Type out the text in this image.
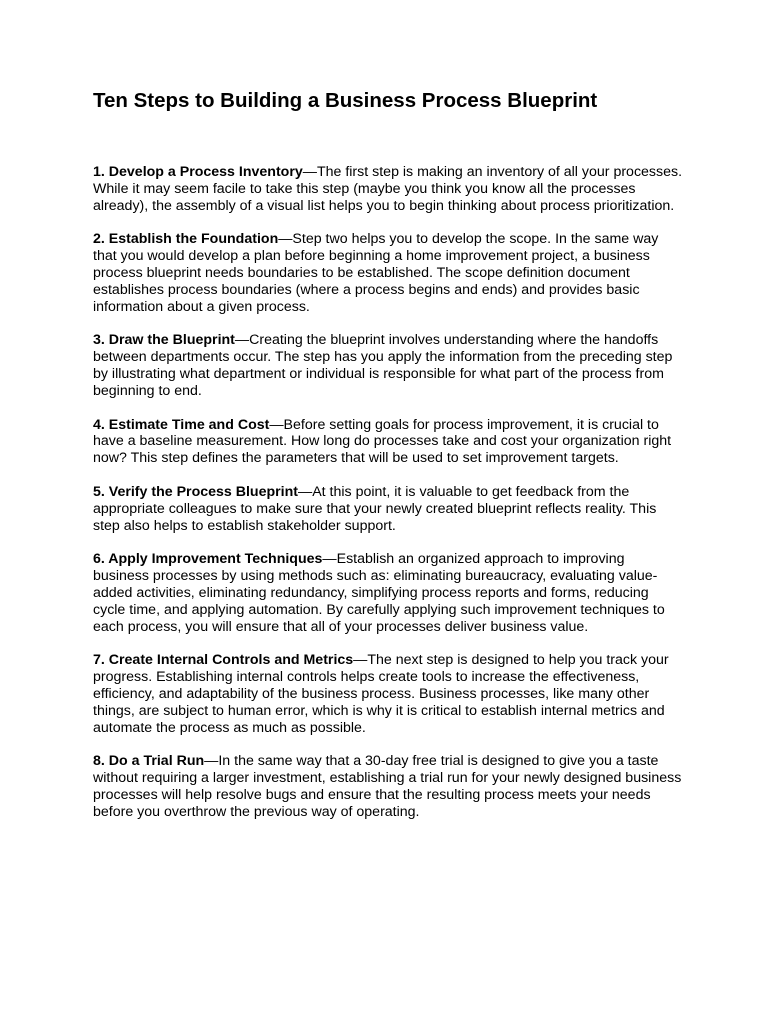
Ten Steps to Building a Business Process Blueprint
1. Develop a Process Inventory—The first step is making an inventory of all your processes. While it may seem facile to take this step (maybe you think you know all the processes already), the assembly of a visual list helps you to begin thinking about process prioritization.
2. Establish the Foundation—Step two helps you to develop the scope. In the same way that you would develop a plan before beginning a home improvement project, a business process blueprint needs boundaries to be established. The scope definition document establishes process boundaries (where a process begins and ends) and provides basic information about a given process.
3. Draw the Blueprint—Creating the blueprint involves understanding where the handoffs between departments occur. The step has you apply the information from the preceding step by illustrating what department or individual is responsible for what part of the process from beginning to end.
4. Estimate Time and Cost—Before setting goals for process improvement, it is crucial to have a baseline measurement. How long do processes take and cost your organization right now? This step defines the parameters that will be used to set improvement targets.
5. Verify the Process Blueprint—At this point, it is valuable to get feedback from the appropriate colleagues to make sure that your newly created blueprint reflects reality. This step also helps to establish stakeholder support.
6. Apply Improvement Techniques—Establish an organized approach to improving business processes by using methods such as: eliminating bureaucracy, evaluating value-added activities, eliminating redundancy, simplifying process reports and forms, reducing cycle time, and applying automation. By carefully applying such improvement techniques to each process, you will ensure that all of your processes deliver business value.
7. Create Internal Controls and Metrics—The next step is designed to help you track your progress. Establishing internal controls helps create tools to increase the effectiveness, efficiency, and adaptability of the business process. Business processes, like many other things, are subject to human error, which is why it is critical to establish internal metrics and automate the process as much as possible.
8. Do a Trial Run—In the same way that a 30-day free trial is designed to give you a taste without requiring a larger investment, establishing a trial run for your newly designed business processes will help resolve bugs and ensure that the resulting process meets your needs before you overthrow the previous way of operating.
